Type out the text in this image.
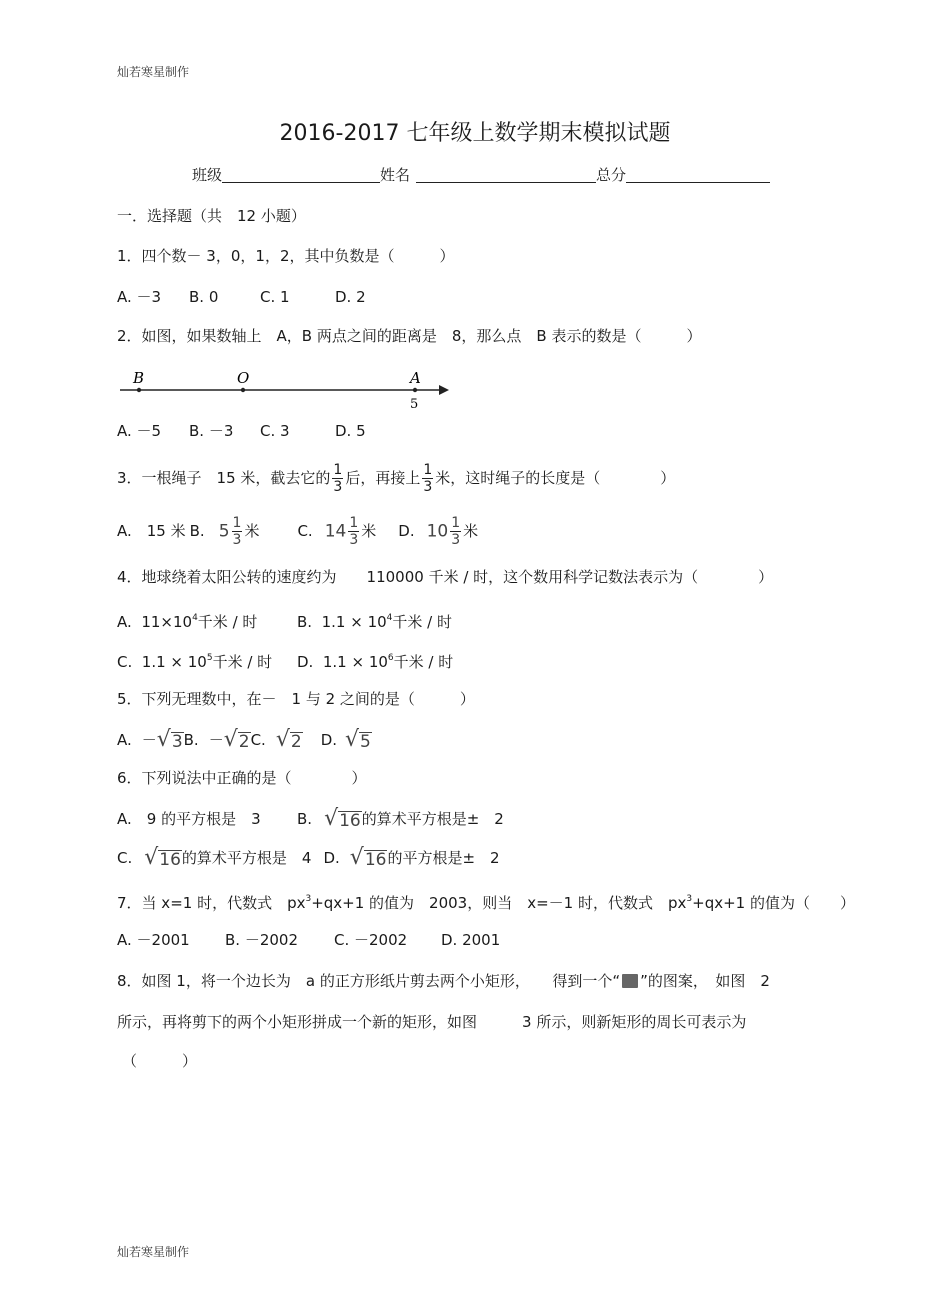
灿若寒星制作
2016-2017 七年级上数学期末模拟试题
班级	姓名	总分
一．选择题（共　12 小题）
1．四个数－ 3，0，1，2，其中负数是（　　　）
A. －3 B. 0	C. 1	D. 2
2．如图，如果数轴上　A，B 两点之间的距离是　8，那么点　B 表示的数是（　　　）
B	O	A
5
A. －5 B. －3 C. 3	D. 5
3．一根绳子　15 米，截去它的 $\frac{1}{3}$ 后，再接上 $\frac{1}{3}$ 米，这时绳子的长度是（　　　　）
A.　15 米 B. $5 \frac{1}{3}$ 米	C. $14 \frac{1}{3}$ 米 D. $10 \frac{1}{3}$ 米
4．地球绕着太阳公转的速度约为　　110000 千米 / 时，这个数用科学记数法表示为（　　　　）
A. $11\times 10^4$千米 / 时	B. $1.1 \times 10^4$千米 / 时
C. $1.1 \times 10^5$千米 / 时 D. $1.1 \times 10^6$千米 / 时
5．下列无理数中，在－　1 与 2 之间的是（　　　）
A. － √ 3 B. － √ 2 C. √ 2 D. √ 5
6．下列说法中正确的是（　　　　）
A.　9 的平方根是　3 B. √ 16 的算术平方根是±　2
C. √ 16 的算术平方根是　4 D. √ 16 的平方根是±　2
7．当 x=1 时，代数式　$px^3+qx+1$ 的值为　2003，则当　x=－1 时，代数式　$px^3+qx+1$ 的值为（　　）
A. －2001 B. －2002 C. －2002 D. 2001
8．如图 1，将一个边长为　a 的正方形纸片剪去两个小矩形，　　得到一个“ ”的图案，　如图　2
所示，再将剪下的两个小矩形拼成一个新的矩形，如图　　　3 所示，则新矩形的周长可表示为
（　　　）
灿若寒星制作
